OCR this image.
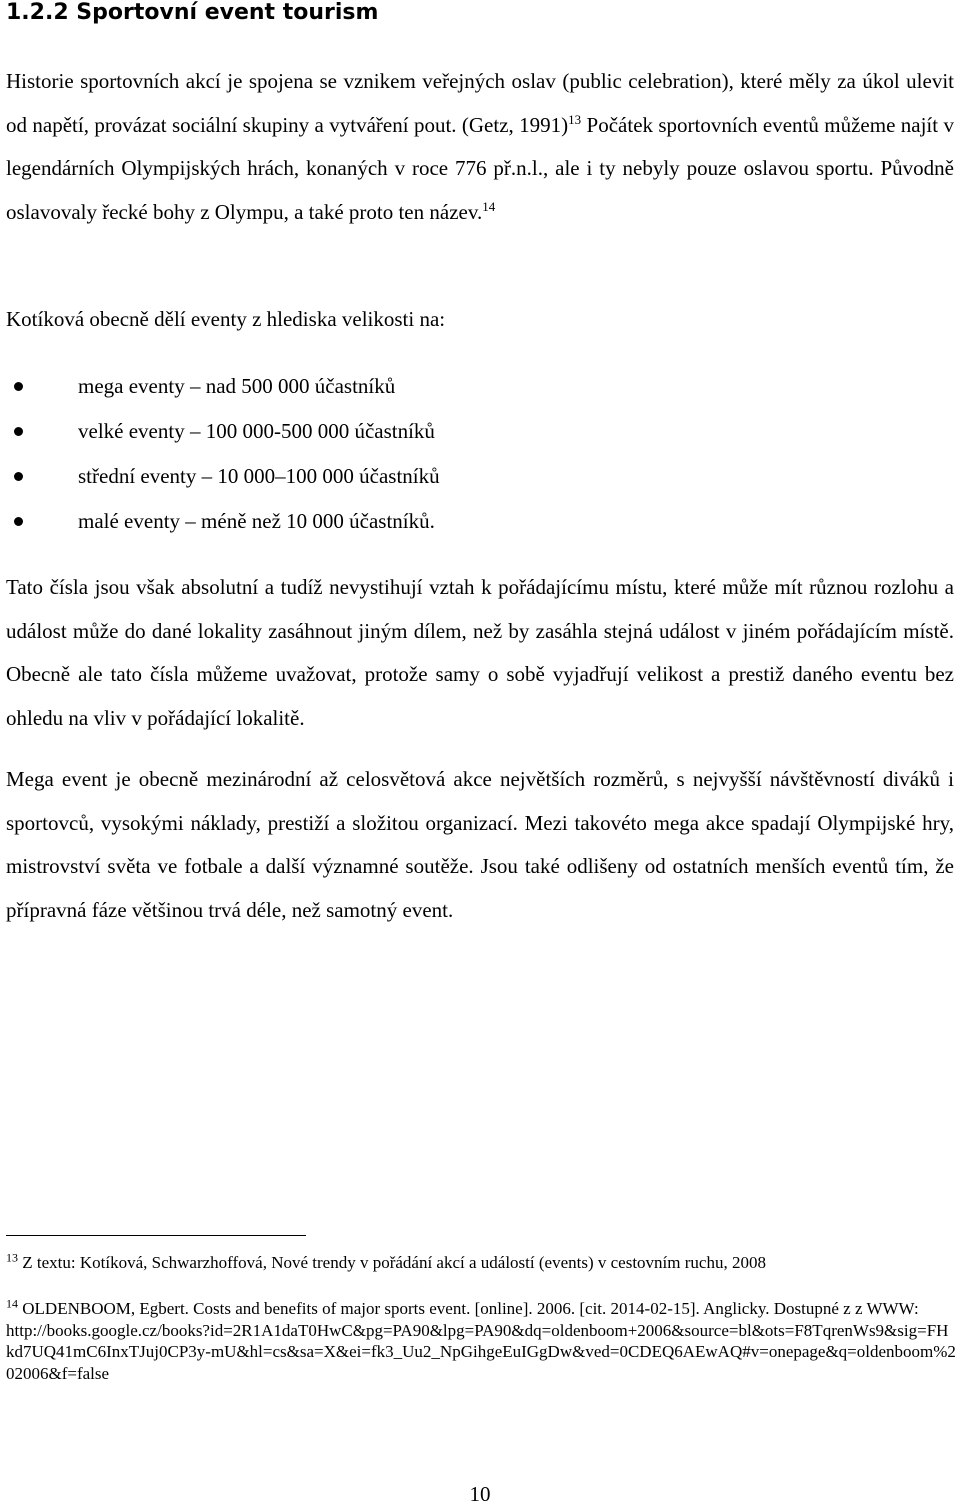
1.2.2 Sportovní event tourism

Historie sportovních akcí je spojena se vznikem veřejných oslav (public celebration), které měly za úkol ulevit od napětí, provázat sociální skupiny a vytváření pout. (Getz, 1991)$^{13}$ Počátek sportovních eventů můžeme najít v legendárních Olympijských hrách, konaných v roce 776 př.n.l., ale i ty nebyly pouze oslavou sportu. Původně oslavovaly řecké bohy z Olympu, a také proto ten název.$^{14}$

Kotíková obecně dělí eventy z hlediska velikosti na:

mega eventy – nad 500 000 účastníků
velké eventy – 100 000-500 000 účastníků
střední eventy – 10 000–100 000 účastníků
malé eventy – méně než 10 000 účastníků.

Tato čísla jsou však absolutní a tudíž nevystihují vztah k pořádajícímu místu, které může mít různou rozlohu a událost může do dané lokality zasáhnout jiným dílem, než by zasáhla stejná událost v jiném pořádajícím místě. Obecně ale tato čísla můžeme uvažovat, protože samy o sobě vyjadřují velikost a prestiž daného eventu bez ohledu na vliv v pořádající lokalitě.

Mega event je obecně mezinárodní až celosvětová akce největších rozměrů, s nejvyšší návštěvností diváků i sportovců, vysokými náklady, prestiží a složitou organizací. Mezi takovéto mega akce spadají Olympijské hry, mistrovství světa ve fotbale a další významné soutěže. Jsou také odlišeny od ostatních menších eventů tím, že přípravná fáze většinou trvá déle, než samotný event.

$^{13}$ Z textu: Kotíková, Schwarzhoffová, Nové trendy v pořádání akcí a událostí (events) v cestovním ruchu, 2008

$^{14}$ OLDENBOOM, Egbert. Costs and benefits of major sports event. [online]. 2006. [cit. 2014-02-15]. Anglicky. Dostupné z z WWW:
http://books.google.cz/books?id=2R1A1daT0HwC&pg=PA90&lpg=PA90&dq=oldenboom+2006&source=bl&ots=F8TqrenWs9&sig=FHkd7UQ41mC6InxTJuj0CP3y-mU&hl=cs&sa=X&ei=fk3_Uu2_NpGihgeEuIGgDw&ved=0CDEQ6AEwAQ#v=onepage&q=oldenboom%202006&f=false

10
